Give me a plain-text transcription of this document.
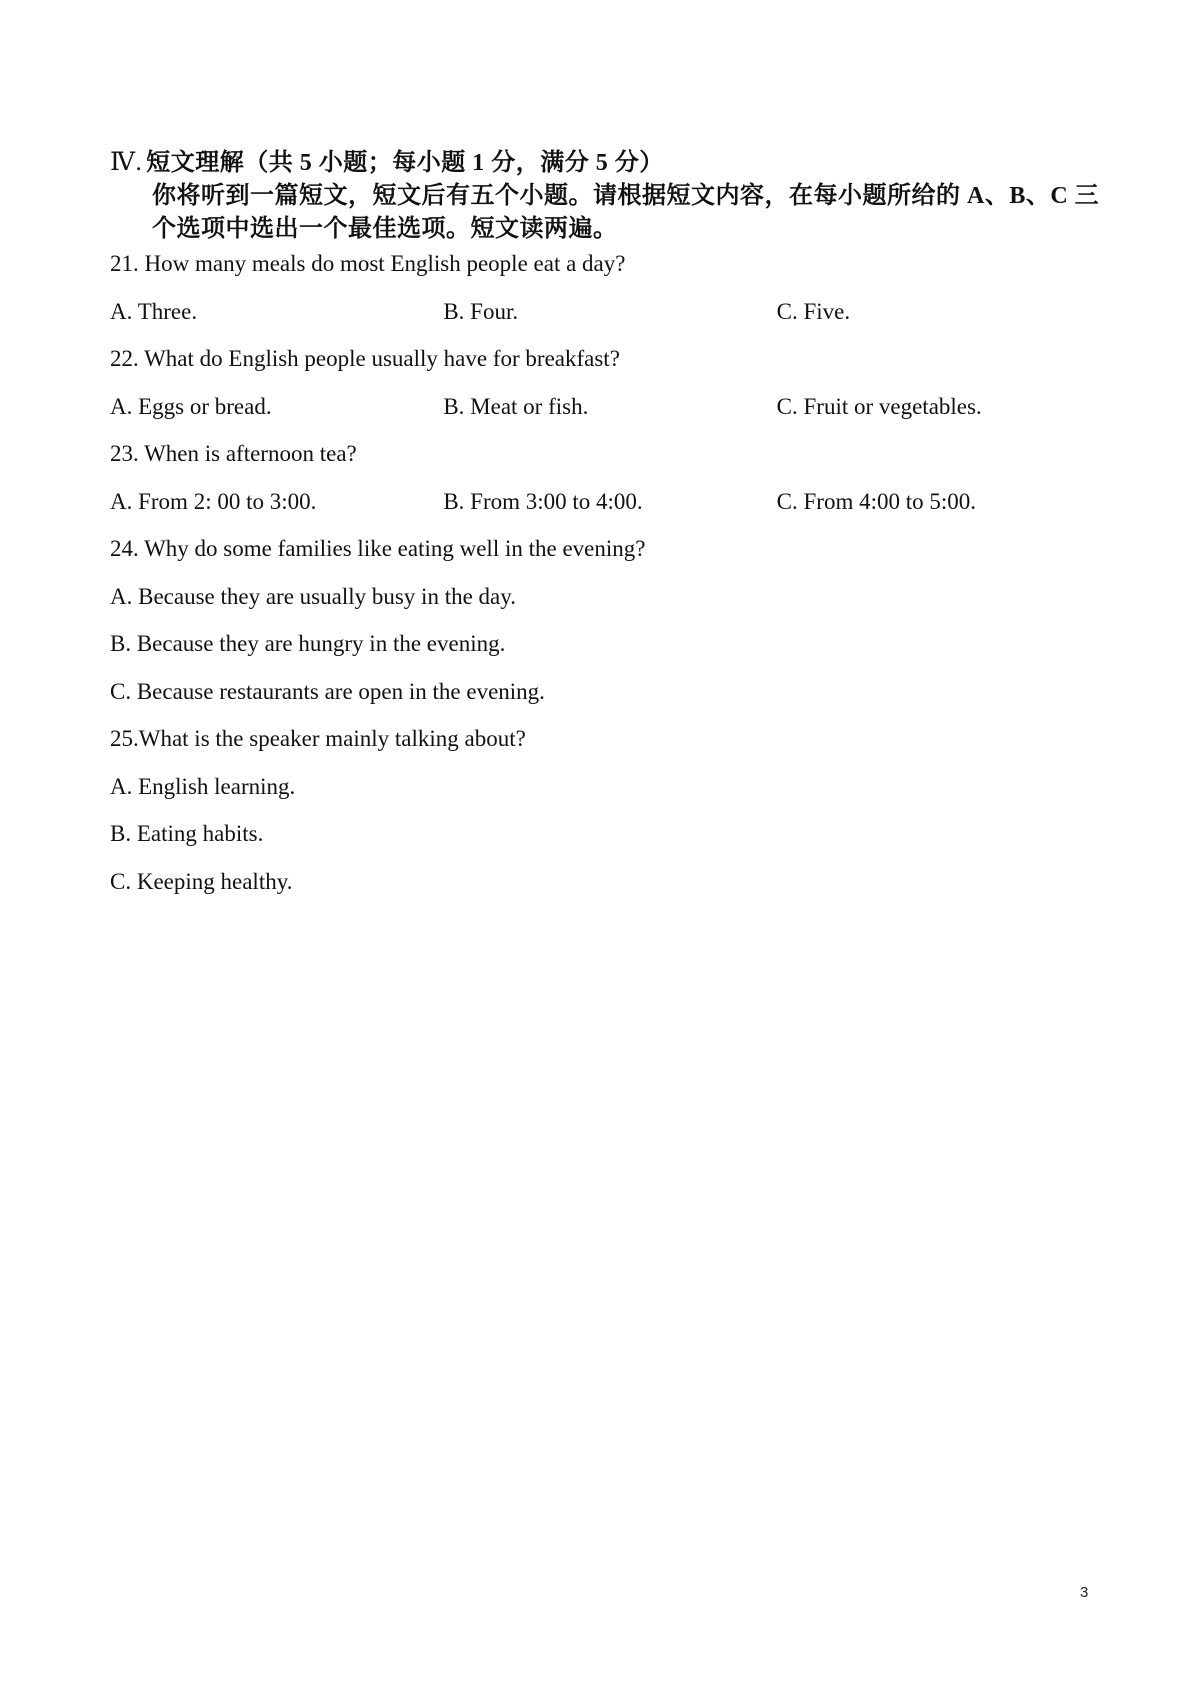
Ⅳ. 短文理解（共 5 小题；每小题 1 分，满分 5 分）
你将听到一篇短文，短文后有五个小题。请根据短文内容，在每小题所给的 A、B、C 三
个选项中选出一个最佳选项。短文读两遍。
21. How many meals do most English people eat a day?
A. Three.	B. Four.	C. Five.
22. What do English people usually have for breakfast?
A. Eggs or bread.	B. Meat or fish.	C. Fruit or vegetables.
23. When is afternoon tea?
A. From 2: 00 to 3:00.	B. From 3:00 to 4:00.	C. From 4:00 to 5:00.
24. Why do some families like eating well in the evening?
A. Because they are usually busy in the day.
B. Because they are hungry in the evening.
C. Because restaurants are open in the evening.
25.What is the speaker mainly talking about?
A. English learning.
B. Eating habits.
C. Keeping healthy.
3
